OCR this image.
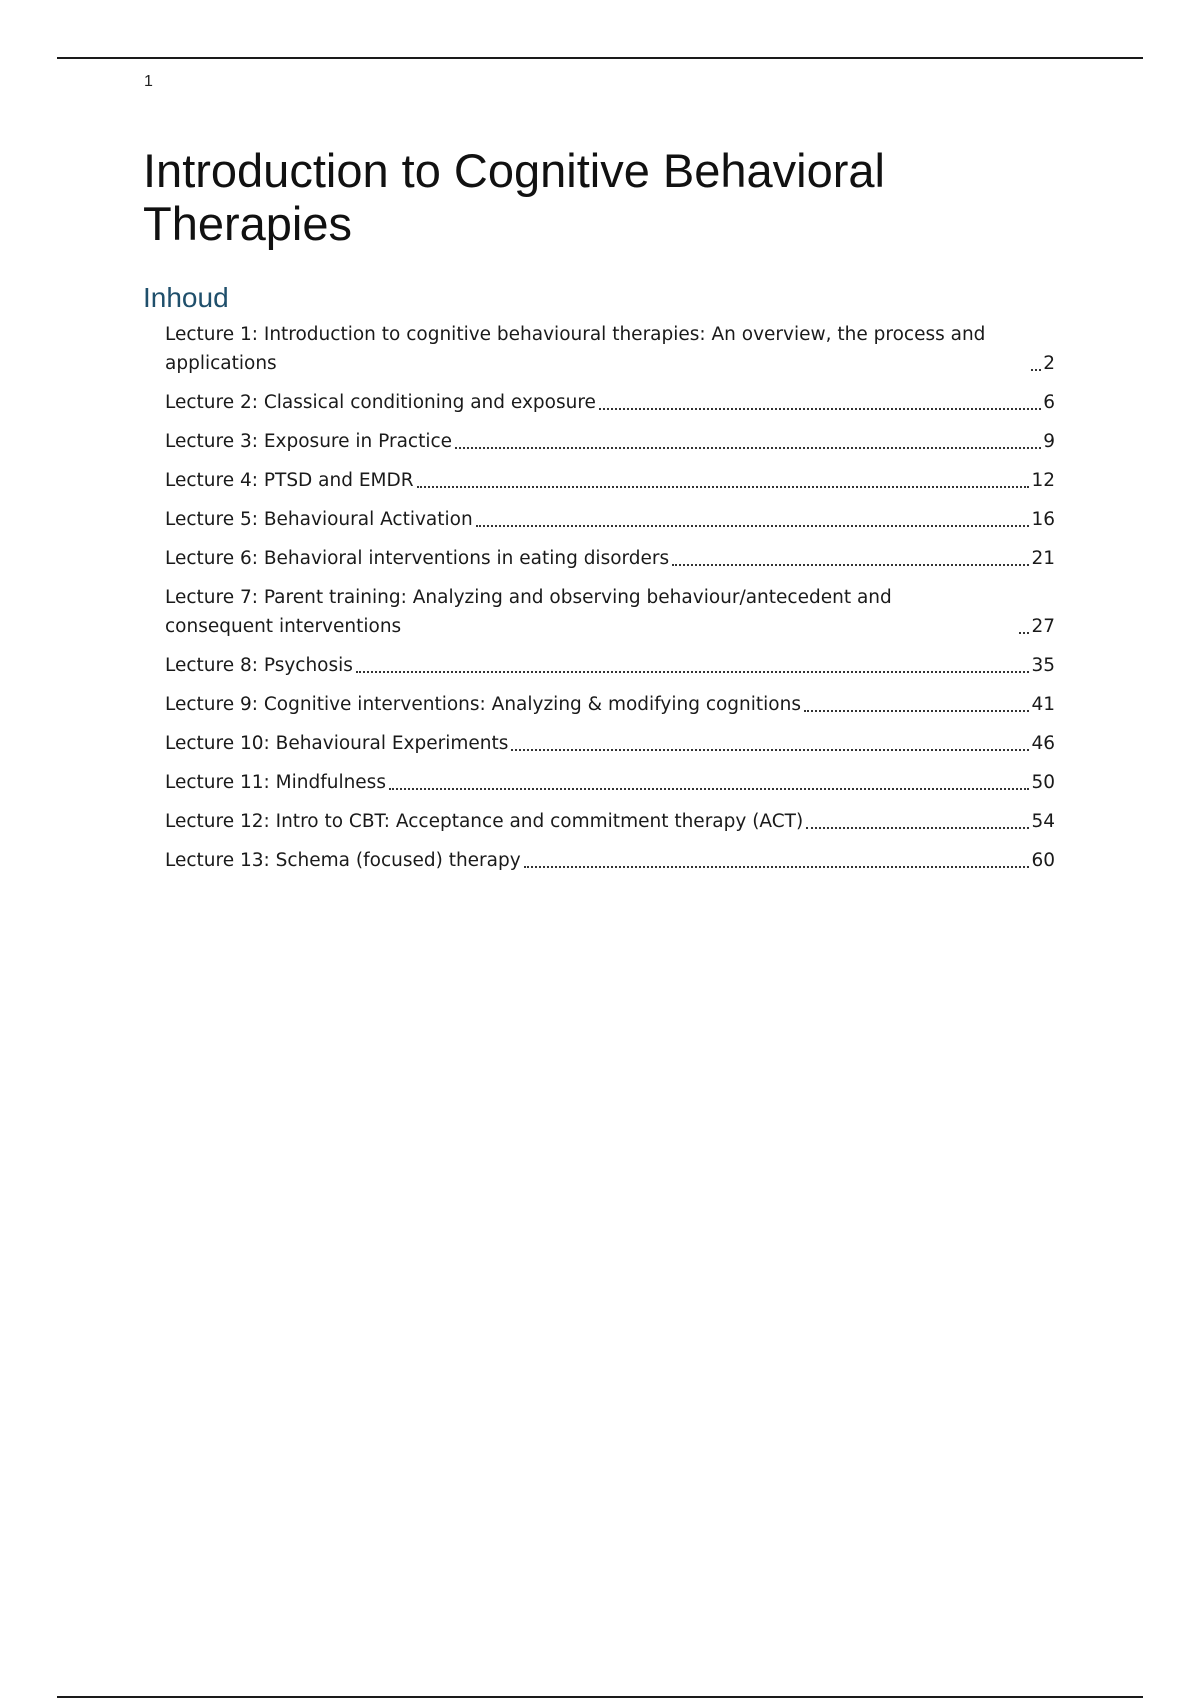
1
Introduction to Cognitive Behavioral Therapies
Inhoud
Lecture 1: Introduction to cognitive behavioural therapies: An overview, the process and applications	2
Lecture 2: Classical conditioning and exposure	6
Lecture 3: Exposure in Practice	9
Lecture 4: PTSD and EMDR	12
Lecture 5: Behavioural Activation	16
Lecture 6: Behavioral interventions in eating disorders	21
Lecture 7: Parent training: Analyzing and observing behaviour/antecedent and consequent interventions	27
Lecture 8: Psychosis	35
Lecture 9: Cognitive interventions: Analyzing & modifying cognitions	41
Lecture 10: Behavioural Experiments	46
Lecture 11: Mindfulness	50
Lecture 12: Intro to CBT: Acceptance and commitment therapy (ACT)	54
Lecture 13: Schema (focused) therapy	60
